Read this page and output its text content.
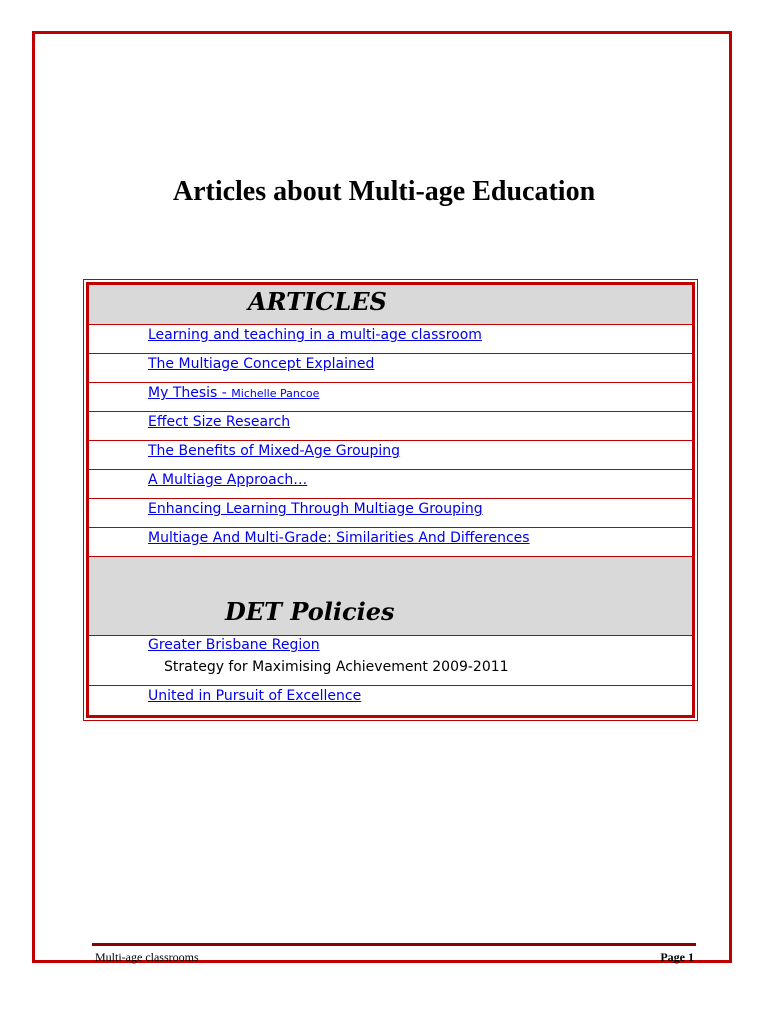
Articles about Multi-age Education
ARTICLES
Learning and teaching in a multi-age classroom
The Multiage Concept Explained
My Thesis - Michelle Pancoe
Effect Size Research
The Benefits of Mixed-Age Grouping
A Multiage Approach…
Enhancing Learning Through Multiage Grouping
Multiage And Multi-Grade: Similarities And Differences
DET Policies
Greater Brisbane Region
Strategy for Maximising Achievement 2009-2011
United in Pursuit of Excellence
Multi-age classrooms	Page 1
